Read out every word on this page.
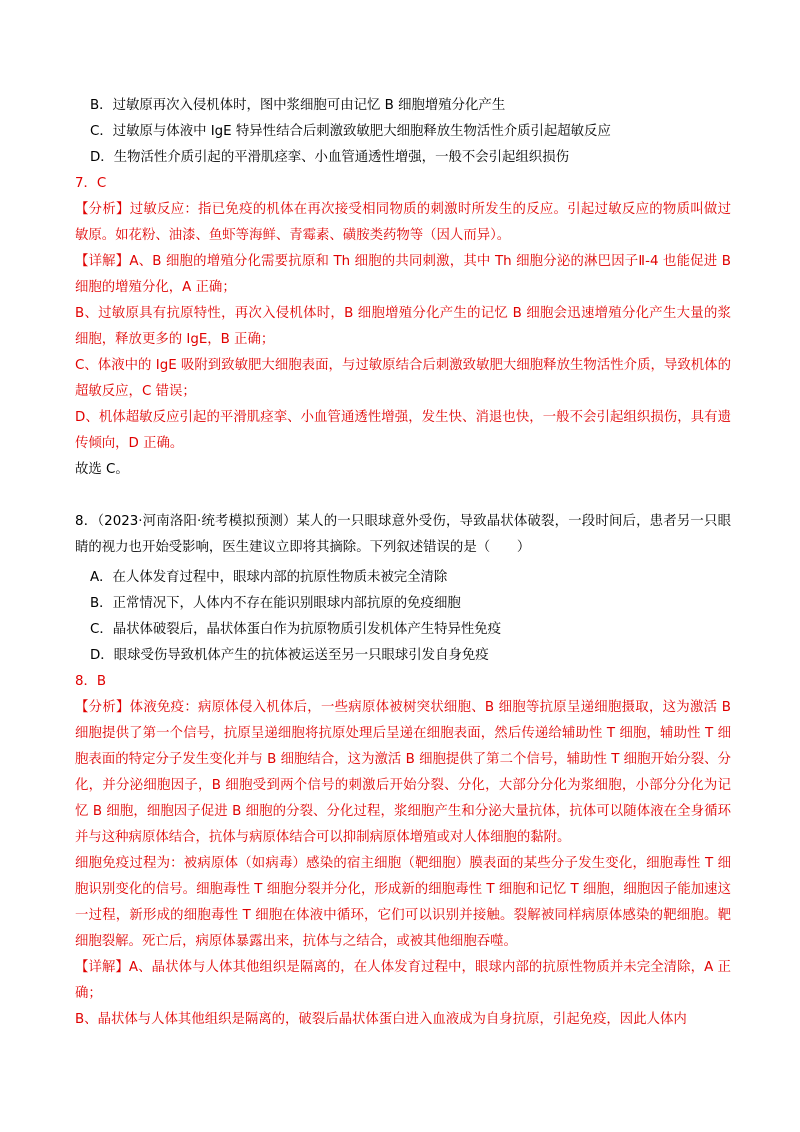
B．过敏原再次入侵机体时，图中浆细胞可由记忆 B 细胞增殖分化产生
C．过敏原与体液中 IgE 特异性结合后刺激致敏肥大细胞释放生物活性介质引起超敏反应
D．生物活性介质引起的平滑肌痉挛、小血管通透性增强，一般不会引起组织损伤

7．C

【分析】过敏反应：指已免疫的机体在再次接受相同物质的刺激时所发生的反应。引起过敏反应的物质叫做过敏原。如花粉、油漆、鱼虾等海鲜、青霉素、磺胺类药物等（因人而异）。

【详解】A、B 细胞的增殖分化需要抗原和 Th 细胞的共同刺激，其中 Th 细胞分泌的淋巴因子Ⅱ-4 也能促进 B 细胞的增殖分化，A 正确；

B、过敏原具有抗原特性，再次入侵机体时，B 细胞增殖分化产生的记忆 B 细胞会迅速增殖分化产生大量的浆细胞，释放更多的 IgE，B 正确；

C、体液中的 IgE 吸附到致敏肥大细胞表面，与过敏原结合后刺激致敏肥大细胞释放生物活性介质，导致机体的超敏反应，C 错误；

D、机体超敏反应引起的平滑肌痉挛、小血管通透性增强，发生快、消退也快，一般不会引起组织损伤，具有遗传倾向，D 正确。

故选 C。

8．（2023·河南洛阳·统考模拟预测）某人的一只眼球意外受伤，导致晶状体破裂，一段时间后，患者另一只眼睛的视力也开始受影响，医生建议立即将其摘除。下列叙述错误的是（　　）

A．在人体发育过程中，眼球内部的抗原性物质未被完全清除
B．正常情况下，人体内不存在能识别眼球内部抗原的免疫细胞
C．晶状体破裂后，晶状体蛋白作为抗原物质引发机体产生特异性免疫
D．眼球受伤导致机体产生的抗体被运送至另一只眼球引发自身免疫

8．B

【分析】体液免疫：病原体侵入机体后，一些病原体被树突状细胞、B 细胞等抗原呈递细胞摄取，这为激活 B 细胞提供了第一个信号，抗原呈递细胞将抗原处理后呈递在细胞表面，然后传递给辅助性 T 细胞，辅助性 T 细胞表面的特定分子发生变化并与 B 细胞结合，这为激活 B 细胞提供了第二个信号，辅助性 T 细胞开始分裂、分化，并分泌细胞因子，B 细胞受到两个信号的刺激后开始分裂、分化，大部分分化为浆细胞，小部分分化为记忆 B 细胞，细胞因子促进 B 细胞的分裂、分化过程，浆细胞产生和分泌大量抗体，抗体可以随体液在全身循环并与这种病原体结合，抗体与病原体结合可以抑制病原体增殖或对人体细胞的黏附。

细胞免疫过程为：被病原体（如病毒）感染的宿主细胞（靶细胞）膜表面的某些分子发生变化，细胞毒性 T 细胞识别变化的信号。细胞毒性 T 细胞分裂并分化，形成新的细胞毒性 T 细胞和记忆 T 细胞，细胞因子能加速这一过程，新形成的细胞毒性 T 细胞在体液中循环，它们可以识别并接触。裂解被同样病原体感染的靶细胞。靶细胞裂解。死亡后，病原体暴露出来，抗体与之结合，或被其他细胞吞噬。

【详解】A、晶状体与人体其他组织是隔离的，在人体发育过程中，眼球内部的抗原性物质并未完全清除，A 正确；

B、晶状体与人体其他组织是隔离的，破裂后晶状体蛋白进入血液成为自身抗原，引起免疫，因此人体内
